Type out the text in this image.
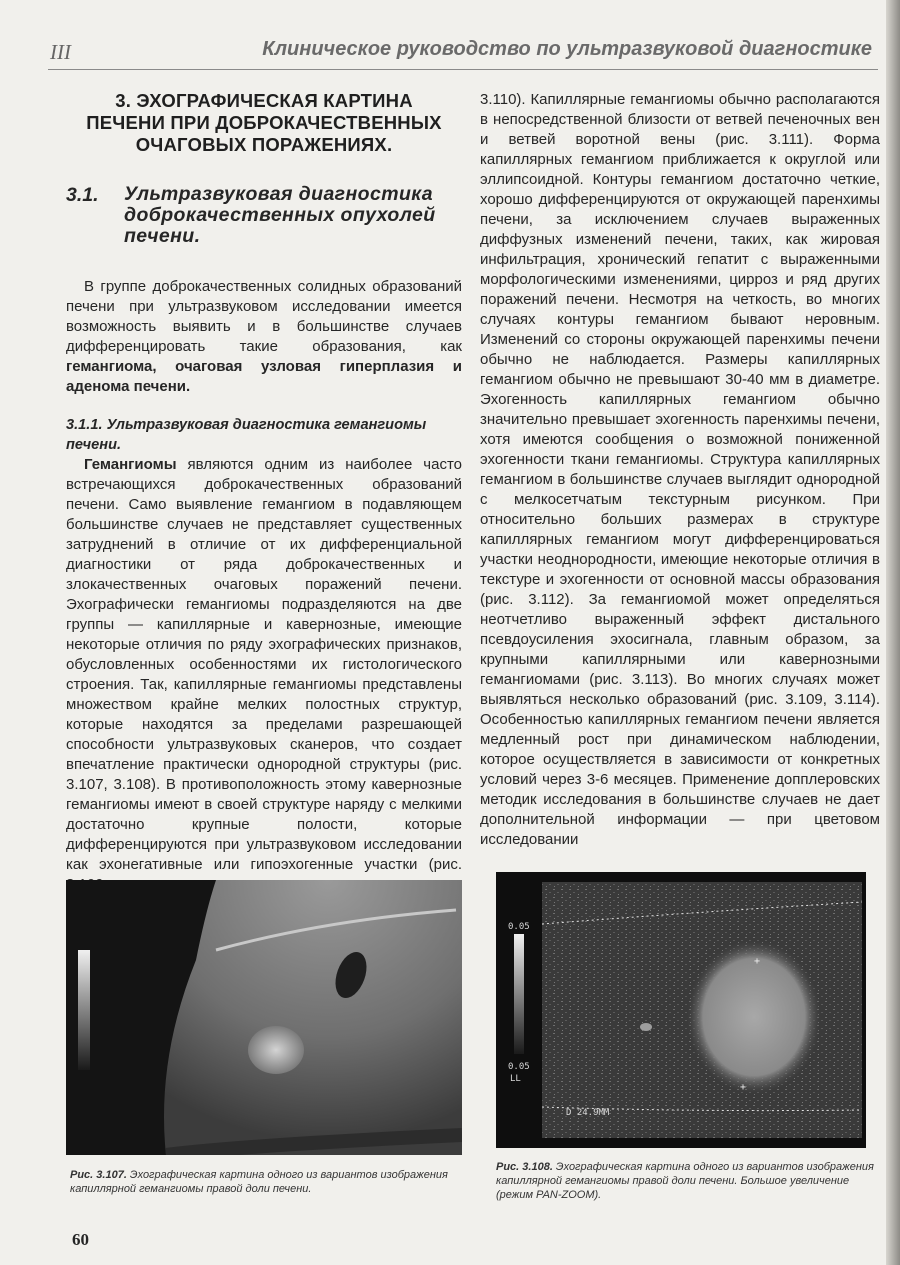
III	Клиническое руководство по ультразвуковой диагностике
3. ЭХОГРАФИЧЕСКАЯ КАРТИНА ПЕЧЕНИ ПРИ ДОБРОКАЧЕСТВЕННЫХ ОЧАГОВЫХ ПОРАЖЕНИЯХ.
3.1.	Ультразвуковая диагностика доброкачественных опухолей печени.

В группе доброкачественных солидных образований печени при ультразвуковом исследовании имеется возможность выявить и в большинстве случаев дифференцировать такие образования, как гемангиома, очаговая узловая гиперплазия и аденома печени.

3.1.1. Ультразвуковая диагностика гемангиомы печени.

Гемангиомы являются одним из наиболее часто встречающихся доброкачественных образований печени. Само выявление гемангиом в подавляющем большинстве случаев не представляет существенных затруднений в отличие от их дифференциальной диагностики от ряда доброкачественных и злокачественных очаговых поражений печени. Эхографически гемангиомы подразделяются на две группы — капиллярные и кавернозные, имеющие некоторые отличия по ряду эхографических признаков, обусловленных особенностями их гистологического строения. Так, капиллярные гемангиомы представлены множеством крайне мелких полостных структур, которые находятся за пределами разрешающей способности ультразвуковых сканеров, что создает впечатление практически однородной структуры (рис. 3.107, 3.108). В противоположность этому кавернозные гемангиомы имеют в своей структуре наряду с мелкими достаточно крупные полости, которые дифференцируются при ультразвуковом исследовании как эхонегативные или гипоэхогенные участки (рис.

3.110). Капиллярные гемангиомы обычно располагаются в непосредственной близости от ветвей печеночных вен и ветвей воротной вены (рис. 3.111). Форма капиллярных гемангиом приближается к округлой или эллипсоидной. Контуры гемангиом достаточно четкие, хорошо дифференцируются от окружающей паренхимы печени, за исключением случаев выраженных диффузных изменений печени, таких, как жировая инфильтрация, хронический гепатит с выраженными морфологическими изменениями, цирроз и ряд других поражений печени. Несмотря на четкость, во многих случаях контуры гемангиом бывают неровным. Изменений со стороны окружающей паренхимы печени обычно не наблюдается. Размеры капиллярных гемангиом обычно не превышают 30-40 мм в диаметре. Эхогенность капиллярных гемангиом обычно значительно превышает эхогенность паренхимы печени, хотя имеются сообщения о возможной пониженной эхогенности ткани гемангиомы. Структура капиллярных гемангиом в большинстве случаев выглядит однородной с мелкосетчатым текстурным рисунком. При относительно больших размерах в структуре капиллярных гемангиом могут дифференцироваться участки неоднородности, имеющие некоторые отличия в текстуре и эхогенности от основной массы образования (рис. 3.112). За гемангиомой может определяться неотчетливо выраженный эффект дистального псевдоусиления эхосигнала, главным образом, за крупными капиллярными или кавернозными гемангиомами (рис. 3.113). Во многих случаях может выявляться несколько образований (рис. 3.109, 3.114). Особенностью капиллярных гемангиом печени является медленный рост при динамическом наблюдении, которое осуществляется в зависимости от конкретных условий через 3-6 месяцев. Применение допплеровских методик исследования в большинстве случаев не дает дополнительной информации — при цветовом исследовании

+
+
0.05
0.05
LL
D 24.9MM
Рис. 3.107. Эхографическая картина одного из вариантов изображения капиллярной гемангиомы правой доли печени.
Рис. 3.108. Эхографическая картина одного из вариантов изображения капиллярной гемангиомы правой доли печени. Большое увеличение (режим PAN-ZOOM).
60
